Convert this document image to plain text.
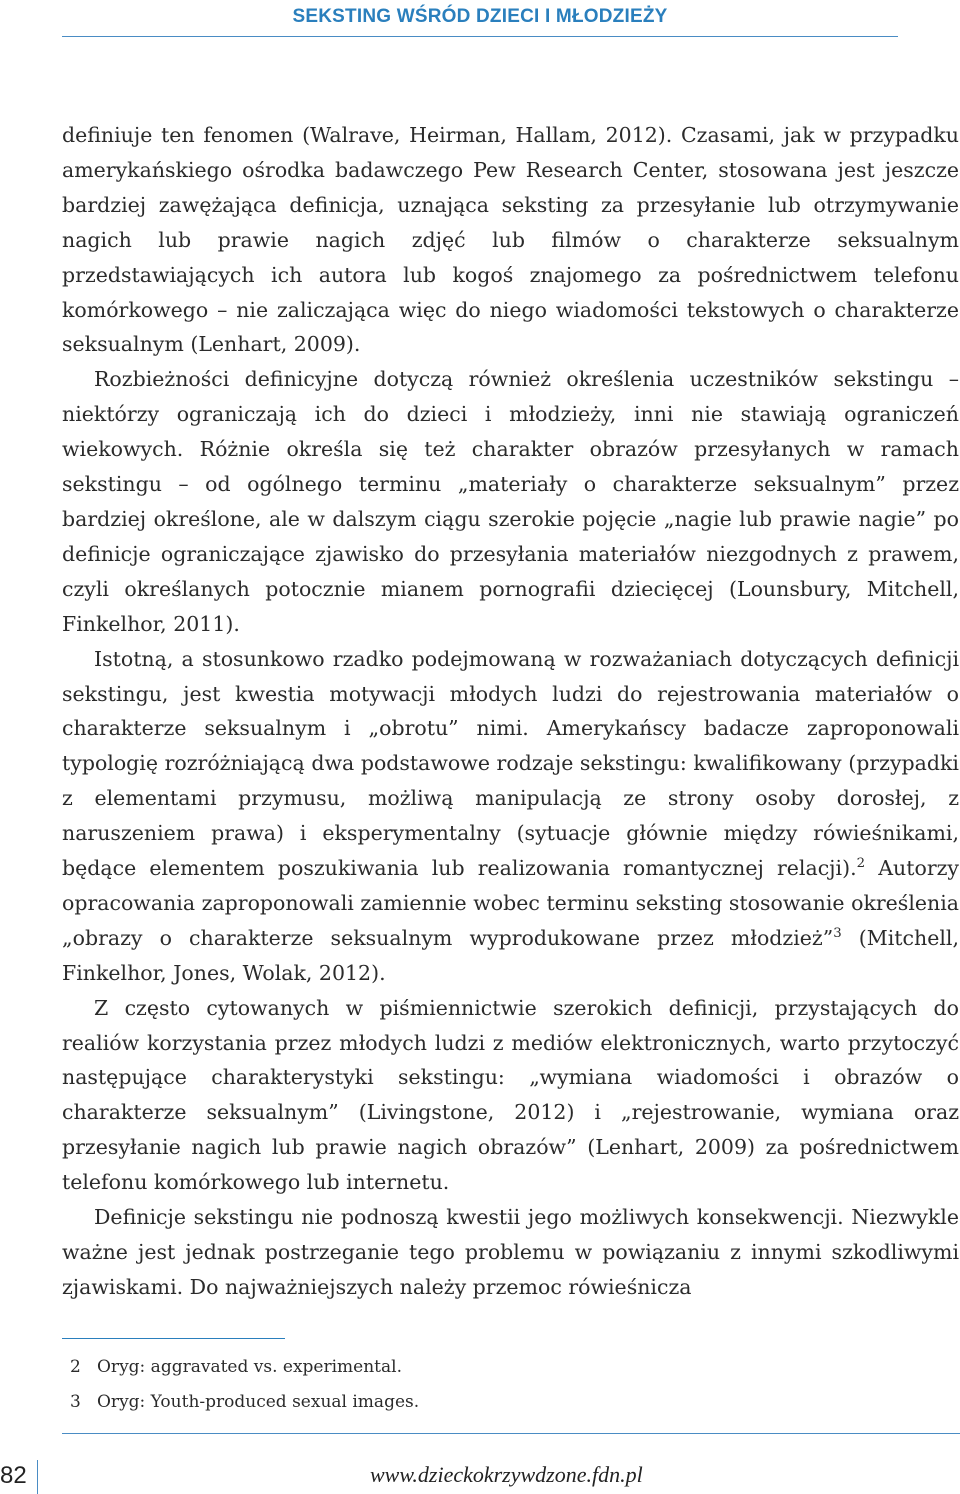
SEKSTING WŚRÓD DZIECI I MŁODZIEŻY

definiuje ten fenomen (Walrave, Heirman, Hallam, 2012). Czasami, jak w przypadku amerykańskiego ośrodka badawczego Pew Research Center, stosowana jest jeszcze bardziej zawężająca definicja, uznająca seksting za przesyłanie lub otrzymywanie nagich lub prawie nagich zdjęć lub filmów o charakterze seksualnym przedstawiających ich autora lub kogoś znajomego za pośrednictwem telefonu komórkowego – nie zaliczająca więc do niego wiadomości tekstowych o charakterze seksualnym (Lenhart, 2009).

Rozbieżności definicyjne dotyczą również określenia uczestników sekstingu – niektórzy ograniczają ich do dzieci i młodzieży, inni nie stawiają ograniczeń wiekowych. Różnie określa się też charakter obrazów przesyłanych w ramach sekstingu – od ogólnego terminu „materiały o charakterze seksualnym” przez bardziej określone, ale w dalszym ciągu szerokie pojęcie „nagie lub prawie nagie” po definicje ograniczające zjawisko do przesyłania materiałów niezgodnych z prawem, czyli określanych potocznie mianem pornografii dziecięcej (Lounsbury, Mitchell, Finkelhor, 2011).

Istotną, a stosunkowo rzadko podejmowaną w rozważaniach dotyczących definicji sekstingu, jest kwestia motywacji młodych ludzi do rejestrowania materiałów o charakterze seksualnym i „obrotu” nimi. Amerykańscy badacze zaproponowali typologię rozróżniającą dwa podstawowe rodzaje sekstingu: kwalifikowany (przypadki z elementami przymusu, możliwą manipulacją ze strony osoby dorosłej, z naruszeniem prawa) i eksperymentalny (sytuacje głównie między rówieśnikami, będące elementem poszukiwania lub realizowania romantycznej relacji).$^2$ Autorzy opracowania zaproponowali zamiennie wobec terminu seksting stosowanie określenia „obrazy o charakterze seksualnym wyprodukowane przez młodzież”$^3$ (Mitchell, Finkelhor, Jones, Wolak, 2012).

Z często cytowanych w piśmiennictwie szerokich definicji, przystających do realiów korzystania przez młodych ludzi z mediów elektronicznych, warto przytoczyć następujące charakterystyki sekstingu: „wymiana wiadomości i obrazów o charakterze seksualnym” (Livingstone, 2012) i „rejestrowanie, wymiana oraz przesyłanie nagich lub prawie nagich obrazów” (Lenhart, 2009) za pośrednictwem telefonu komórkowego lub internetu.

Definicje sekstingu nie podnoszą kwestii jego możliwych konsekwencji. Niezwykle ważne jest jednak postrzeganie tego problemu w powiązaniu z innymi szkodliwymi zjawiskami. Do najważniejszych należy przemoc rówieśnicza

2 Oryg: aggravated vs. experimental.
3 Oryg: Youth-produced sexual images.
82	www.dzieckokrzywdzone.fdn.pl
